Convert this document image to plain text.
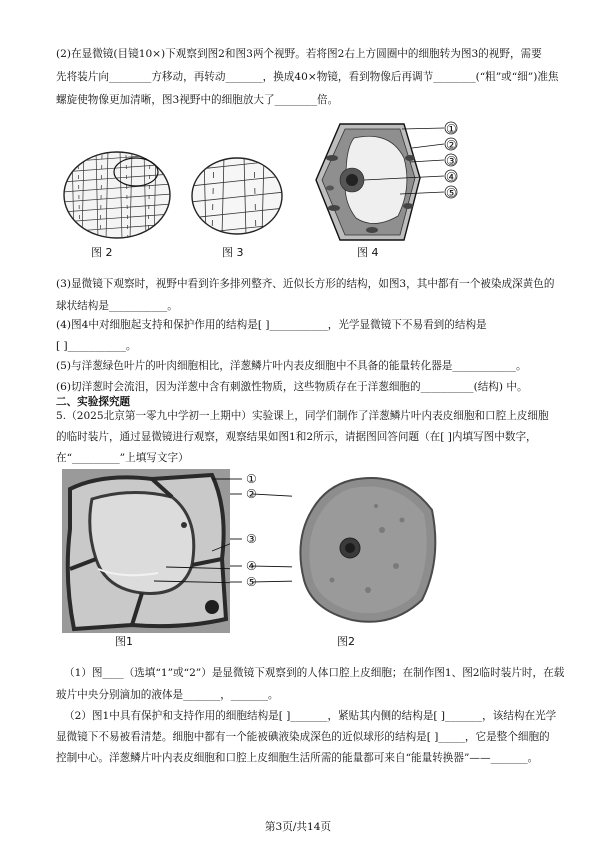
(2)在显微镜(目镜10×)下观察到图2和图3两个视野。若将图2右上方圆圈中的细胞转为图3的视野，需要
先将装片向________方移动，再转动_______，换成40×物镜，看到物像后再调节________(“粗”或“细”)准焦
螺旋使物像更加清晰，图3视野中的细胞放大了________倍。
图 2	图 3
①
②
③
④
⑤
图 4
(3)显微镜下观察时，视野中看到许多排列整齐、近似长方形的结构，如图3，其中都有一个被染成深黄色的
球状结构是___________。
(4)图4中对细胞起支持和保护作用的结构是[ ]___________，光学显微镜下不易看到的结构是
[ ]___________。
(5)与洋葱绿色叶片的叶肉细胞相比，洋葱鳞片叶内表皮细胞中不具备的能量转化器是____________。
(6)切洋葱时会流泪，因为洋葱中含有刺激性物质，这些物质存在于洋葱细胞的__________(结构) 中。
二、实验探究题
5.（2025北京第一零九中学初一上期中）实验课上，同学们制作了洋葱鳞片叶内表皮细胞和口腔上皮细胞
的临时装片，通过显微镜进行观察，观察结果如图1和2所示，请据图回答问题（在[ ]内填写图中数字，
在“_________”上填写文字）
图1
①
②
③
④
⑤
图2
（1）图____（选填“1”或“2”）是显微镜下观察到的人体口腔上皮细胞；在制作图1、图2临时装片时，在载
玻片中央分别滴加的液体是_______，_______。
（2）图1中具有保护和支持作用的细胞结构是[ ]_______，紧贴其内侧的结构是[ ]_______，该结构在光学
显微镜下不易被看清楚。细胞中都有一个能被碘液染成深色的近似球形的结构是[ ]_____，它是整个细胞的
控制中心。洋葱鳞片叶内表皮细胞和口腔上皮细胞生活所需的能量都可来自“能量转换器”——_______。
第3页/共14页
